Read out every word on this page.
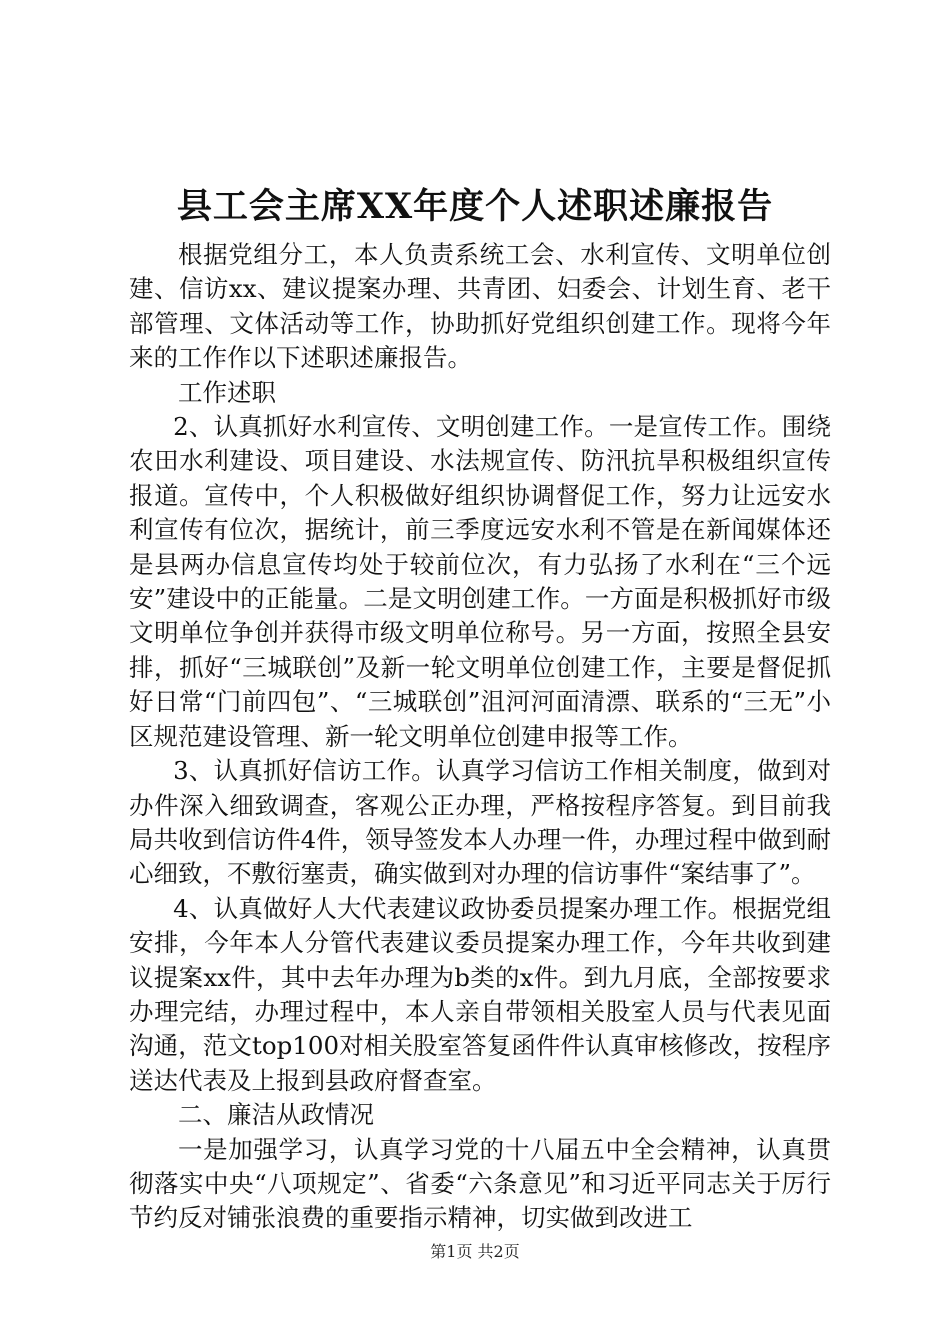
县工会主席XX年度个人述职述廉报告

根据党组分工，本人负责系统工会、水利宣传、文明单位创建、信访xx、建议提案办理、共青团、妇委会、计划生育、老干部管理、文体活动等工作，协助抓好党组织创建工作。现将今年来的工作作以下述职述廉报告。

工作述职

2、认真抓好水利宣传、文明创建工作。一是宣传工作。围绕农田水利建设、项目建设、水法规宣传、防汛抗旱积极组织宣传报道。宣传中，个人积极做好组织协调督促工作，努力让远安水利宣传有位次，据统计，前三季度远安水利不管是在新闻媒体还是县两办信息宣传均处于较前位次，有力弘扬了水利在“三个远安”建设中的正能量。二是文明创建工作。一方面是积极抓好市级文明单位争创并获得市级文明单位称号。另一方面，按照全县安排，抓好“三城联创”及新一轮文明单位创建工作，主要是督促抓好日常“门前四包”、“三城联创”沮河河面清漂、联系的“三无”小区规范建设管理、新一轮文明单位创建申报等工作。

3、认真抓好信访工作。认真学习信访工作相关制度，做到对办件深入细致调查，客观公正办理，严格按程序答复。到目前我局共收到信访件4件，领导签发本人办理一件，办理过程中做到耐心细致，不敷衍塞责，确实做到对办理的信访事件“案结事了”。

4、认真做好人大代表建议政协委员提案办理工作。根据党组安排，今年本人分管代表建议委员提案办理工作，今年共收到建议提案xx件，其中去年办理为b类的x件。到九月底，全部按要求办理完结，办理过程中，本人亲自带领相关股室人员与代表见面沟通，范文top100对相关股室答复函件件认真审核修改，按程序送达代表及上报到县政府督查室。

二、廉洁从政情况

一是加强学习，认真学习党的十八届五中全会精神，认真贯彻落实中央“八项规定”、省委“六条意见”和习近平同志关于厉行节约反对铺张浪费的重要指示精神，切实做到改进工

第1页 共2页
